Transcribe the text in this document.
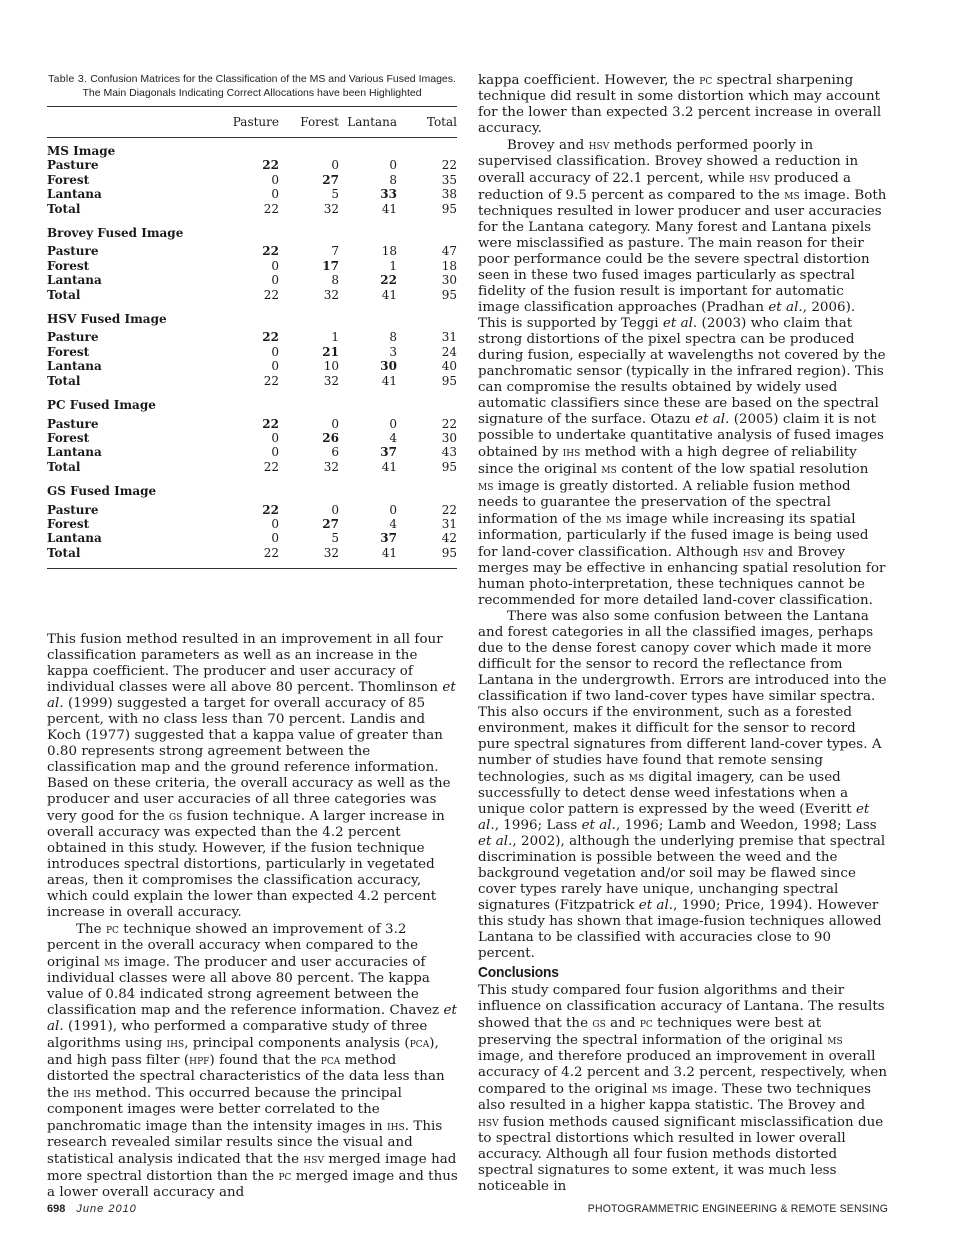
Table 3. Confusion Matrices for the Classification of the MS and Various Fused Images. The Main Diagonals Indicating Correct Allocations have been Highlighted

	Pasture	Forest	Lantana	Total
MS Image				
Pasture	22	0	0	22
Forest	0	27	8	35
Lantana	0	5	33	38
Total	22	32	41	95
Brovey Fused Image				
Pasture	22	7	18	47
Forest	0	17	1	18
Lantana	0	8	22	30
Total	22	32	41	95
HSV Fused Image				
Pasture	22	1	8	31
Forest	0	21	3	24
Lantana	0	10	30	40
Total	22	32	41	95
PC Fused Image				
Pasture	22	0	0	22
Forest	0	26	4	30
Lantana	0	6	37	43
Total	22	32	41	95
GS Fused Image				
Pasture	22	0	0	22
Forest	0	27	4	31
Lantana	0	5	37	42
Total	22	32	41	95

This fusion method resulted in an improvement in all four classification parameters as well as an increase in the kappa coefficient. The producer and user accuracy of individual classes were all above 80 percent. Thomlinson et al. (1999) suggested a target for overall accuracy of 85 percent, with no class less than 70 percent. Landis and Koch (1977) suggested that a kappa value of greater than 0.80 represents strong agreement between the classification map and the ground reference information. Based on these criteria, the overall accuracy as well as the producer and user accuracies of all three categories was very good for the gs fusion technique. A larger increase in overall accuracy was expected than the 4.2 percent obtained in this study. However, if the fusion technique introduces spectral distortions, particularly in vegetated areas, then it compromises the classification accuracy, which could explain the lower than expected 4.2 percent increase in overall accuracy.

The pc technique showed an improvement of 3.2 percent in the overall accuracy when compared to the original ms image. The producer and user accuracies of individual classes were all above 80 percent. The kappa value of 0.84 indicated strong agreement between the classification map and the reference information. Chavez et al. (1991), who performed a comparative study of three algorithms using ihs, principal components analysis (pca), and high pass filter (hpf) found that the pca method distorted the spectral characteristics of the data less than the ihs method. This occurred because the principal component images were better correlated to the panchromatic image than the intensity images in ihs. This research revealed similar results since the visual and statistical analysis indicated that the hsv merged image had more spectral distortion than the pc merged image and thus a lower overall accuracy and

kappa coefficient. However, the pc spectral sharpening technique did result in some distortion which may account for the lower than expected 3.2 percent increase in overall accuracy.

Brovey and hsv methods performed poorly in supervised classification. Brovey showed a reduction in overall accuracy of 22.1 percent, while hsv produced a reduction of 9.5 percent as compared to the ms image. Both techniques resulted in lower producer and user accuracies for the Lantana category. Many forest and Lantana pixels were misclassified as pasture. The main reason for their poor performance could be the severe spectral distortion seen in these two fused images particularly as spectral fidelity of the fusion result is important for automatic image classification approaches (Pradhan et al., 2006). This is supported by Teggi et al. (2003) who claim that strong distortions of the pixel spectra can be produced during fusion, especially at wavelengths not covered by the panchromatic sensor (typically in the infrared region). This can compromise the results obtained by widely used automatic classifiers since these are based on the spectral signature of the surface. Otazu et al. (2005) claim it is not possible to undertake quantitative analysis of fused images obtained by ihs method with a high degree of reliability since the original ms content of the low spatial resolution ms image is greatly distorted. A reliable fusion method needs to guarantee the preservation of the spectral information of the ms image while increasing its spatial information, particularly if the fused image is being used for land-cover classification. Although hsv and Brovey merges may be effective in enhancing spatial resolution for human photo-interpretation, these techniques cannot be recommended for more detailed land-cover classification.

There was also some confusion between the Lantana and forest categories in all the classified images, perhaps due to the dense forest canopy cover which made it more difficult for the sensor to record the reflectance from Lantana in the undergrowth. Errors are introduced into the classification if two land-cover types have similar spectra. This also occurs if the environment, such as a forested environment, makes it difficult for the sensor to record pure spectral signatures from different land-cover types. A number of studies have found that remote sensing technologies, such as ms digital imagery, can be used successfully to detect dense weed infestations when a unique color pattern is expressed by the weed (Everitt et al., 1996; Lass et al., 1996; Lamb and Weedon, 1998; Lass et al., 2002), although the underlying premise that spectral discrimination is possible between the weed and the background vegetation and/or soil may be flawed since cover types rarely have unique, unchanging spectral signatures (Fitzpatrick et al., 1990; Price, 1994). However this study has shown that image-fusion techniques allowed Lantana to be classified with accuracies close to 90 percent.

Conclusions

This study compared four fusion algorithms and their influence on classification accuracy of Lantana. The results showed that the gs and pc techniques were best at preserving the spectral information of the original ms image, and therefore produced an improvement in overall accuracy of 4.2 percent and 3.2 percent, respectively, when compared to the original ms image. These two techniques also resulted in a higher kappa statistic. The Brovey and hsv fusion methods caused significant misclassification due to spectral distortions which resulted in lower overall accuracy. Although all four fusion methods distorted spectral signatures to some extent, it was much less noticeable in

698 June 2010	PHOTOGRAMMETRIC ENGINEERING & REMOTE SENSING
